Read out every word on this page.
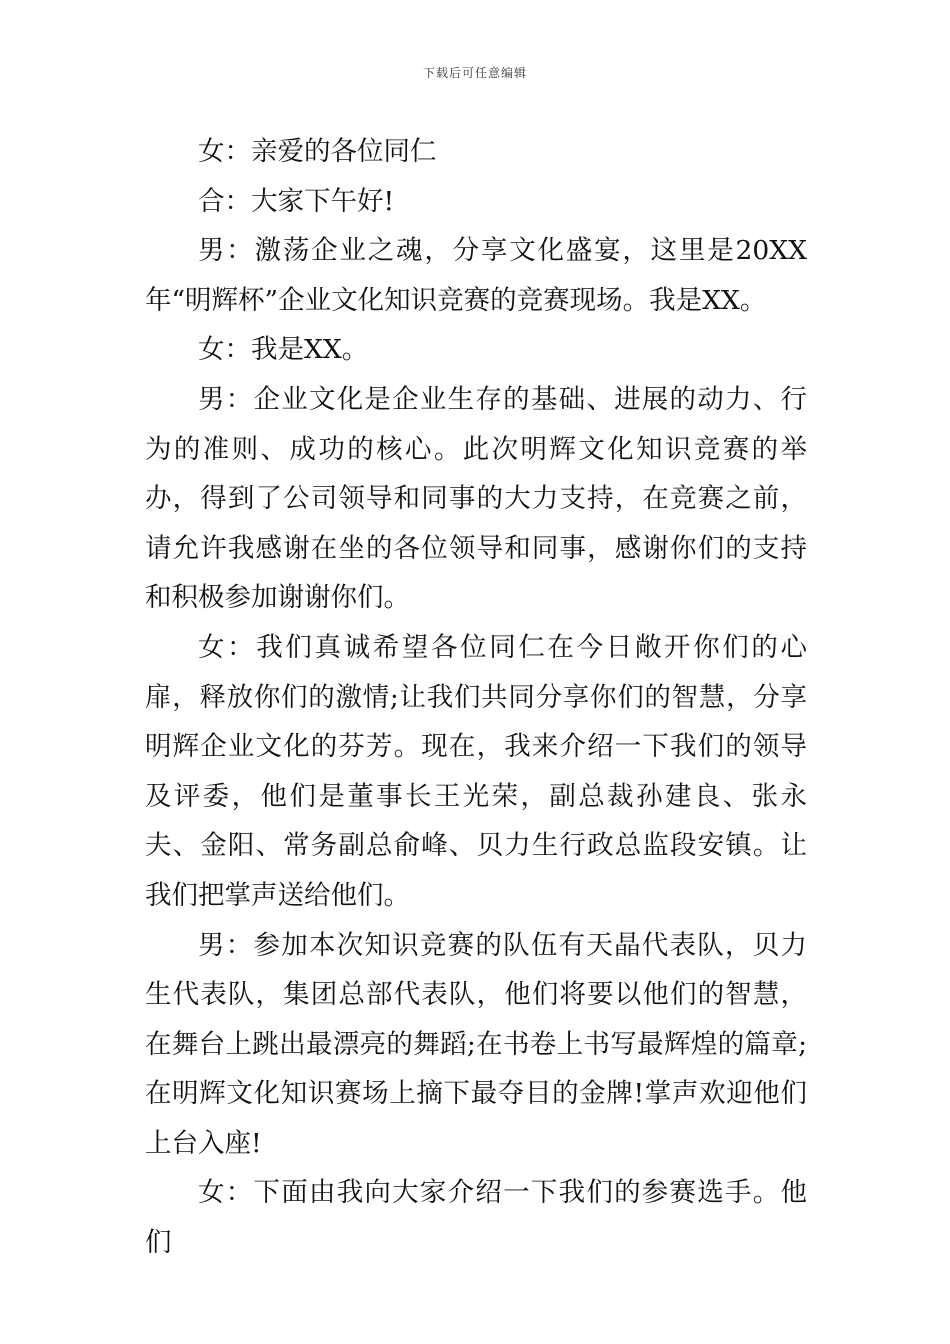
下载后可任意编辑

女：亲爱的各位同仁

合：大家下午好!

男：激荡企业之魂，分享文化盛宴，这里是20XX年“明辉杯”企业文化知识竞赛的竞赛现场。我是XX。

女：我是XX。

男：企业文化是企业生存的基础、进展的动力、行为的准则、成功的核心。此次明辉文化知识竞赛的举办，得到了公司领导和同事的大力支持，在竞赛之前，请允许我感谢在坐的各位领导和同事，感谢你们的支持和积极参加谢谢你们。

女：我们真诚希望各位同仁在今日敞开你们的心扉，释放你们的激情;让我们共同分享你们的智慧，分享明辉企业文化的芬芳。现在，我来介绍一下我们的领导及评委，他们是董事长王光荣，副总裁孙建良、张永夫、金阳、常务副总俞峰、贝力生行政总监段安镇。让我们把掌声送给他们。

男：参加本次知识竞赛的队伍有天晶代表队，贝力生代表队，集团总部代表队，他们将要以他们的智慧，在舞台上跳出最漂亮的舞蹈;在书卷上书写最辉煌的篇章;在明辉文化知识赛场上摘下最夺目的金牌!掌声欢迎他们上台入座!

女：下面由我向大家介绍一下我们的参赛选手。他们
